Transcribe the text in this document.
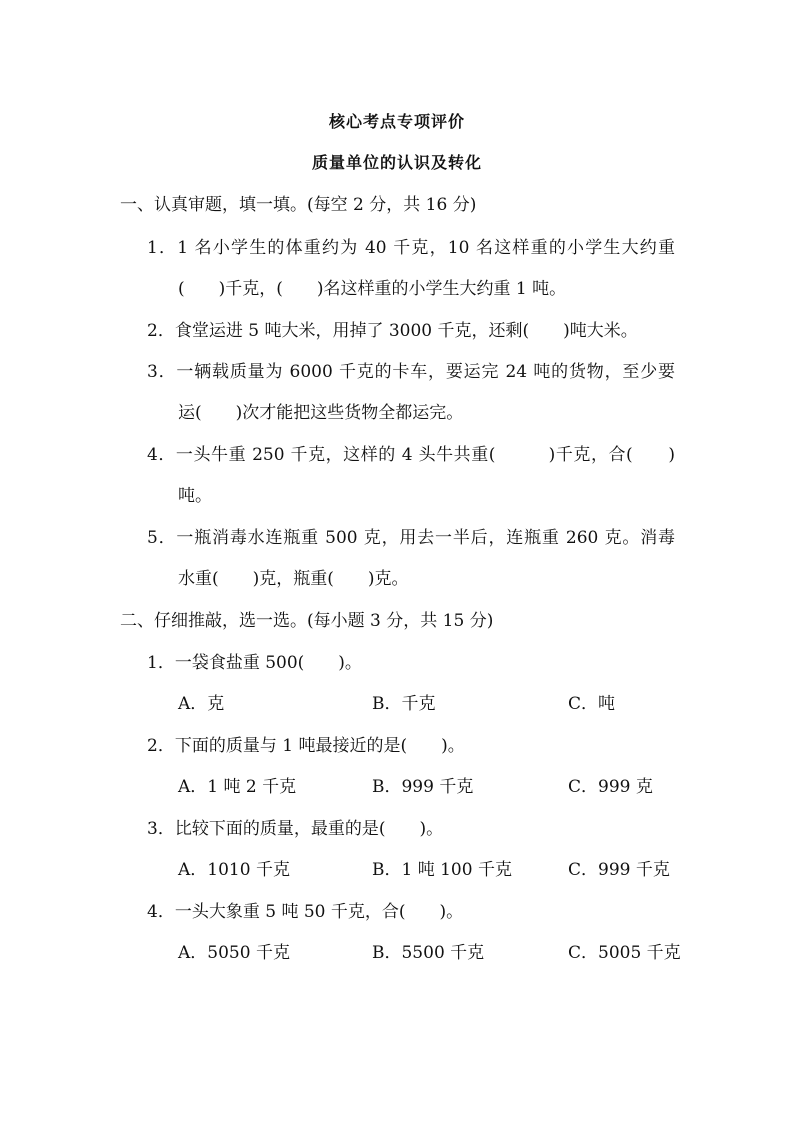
核心考点专项评价
质量单位的认识及转化
一、认真审题，填一填。(每空 2 分，共 16 分)
1．1 名小学生的体重约为 40 千克，10 名这样重的小学生大约重
(　　)千克，(　　)名这样重的小学生大约重 1 吨。
2．食堂运进 5 吨大米，用掉了 3000 千克，还剩(　　)吨大米。
3．一辆载质量为 6000 千克的卡车，要运完 24 吨的货物，至少要
运(　　)次才能把这些货物全都运完。
4．一头牛重 250 千克，这样的 4 头牛共重(　　　)千克，合(　　)
吨。
5．一瓶消毒水连瓶重 500 克，用去一半后，连瓶重 260 克。消毒
水重(　　)克，瓶重(　　)克。
二、仔细推敲，选一选。(每小题 3 分，共 15 分)
1．一袋食盐重 500(　　)。
A．克	B．千克	C．吨
2．下面的质量与 1 吨最接近的是(　　)。
A．1 吨 2 千克	B．999 千克	C．999 克
3．比较下面的质量，最重的是(　　)。
A．1010 千克	B．1 吨 100 千克	C．999 千克
4．一头大象重 5 吨 50 千克，合(　　)。
A．5050 千克	B．5500 千克	C．5005 千克
